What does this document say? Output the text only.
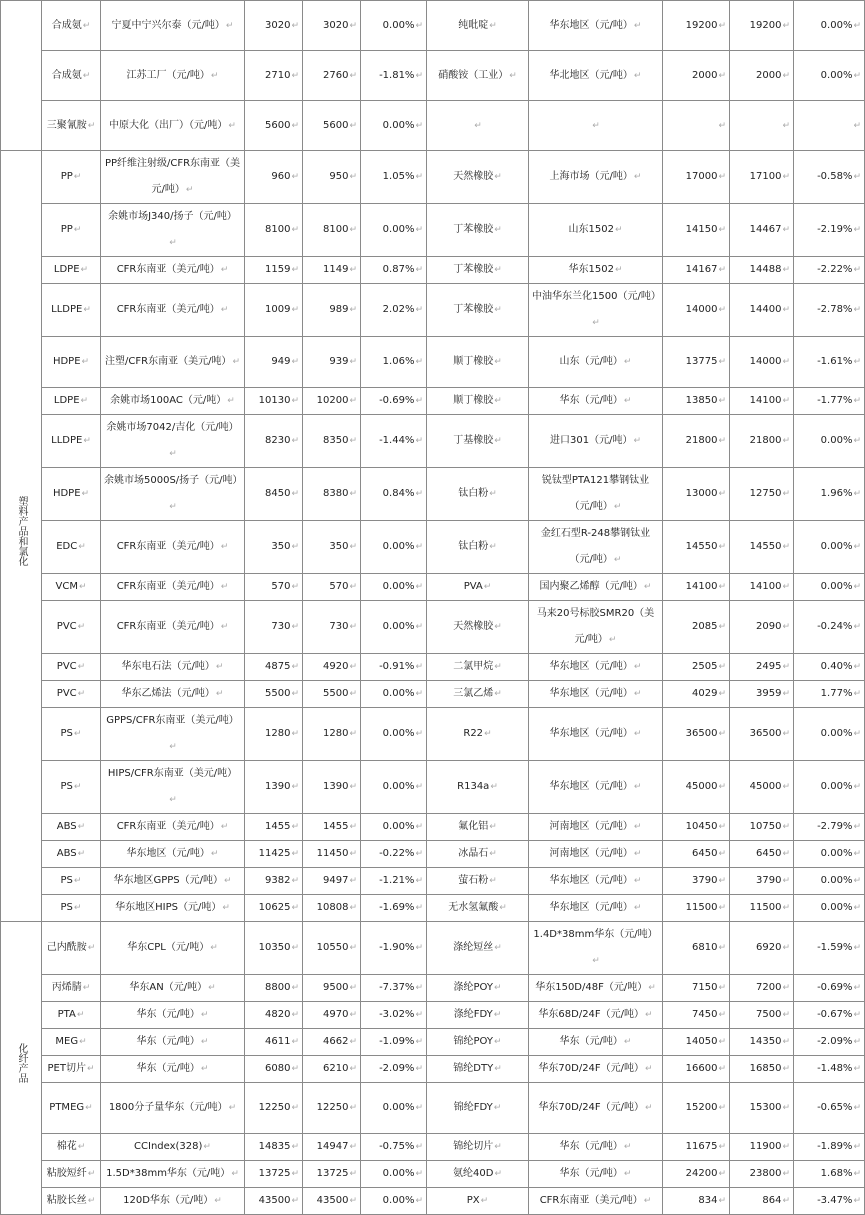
	合成氨↵	宁夏中宁兴尔泰（元/吨）↵	3020↵	3020↵	0.00%↵	纯吡啶↵	华东地区（元/吨）↵	19200↵	19200↵	0.00%↵
	合成氨↵	江苏工厂（元/吨）↵	2710↵	2760↵	-1.81%↵	硝酸铵（工业）↵	华北地区（元/吨）↵	2000↵	2000↵	0.00%↵
	三聚氰胺↵	中原大化（出厂）（元/吨）↵	5600↵	5600↵	0.00%↵	↵	↵	↵	↵	↵
塑料产品和氯化	PP↵	PP纤维注射级/CFR东南亚（美元/吨）↵	960↵	950↵	1.05%↵	天然橡胶↵	上海市场（元/吨）↵	17000↵	17100↵	-0.58%↵
	PP↵	余姚市场J340/扬子（元/吨）↵	8100↵	8100↵	0.00%↵	丁苯橡胶↵	山东1502↵	14150↵	14467↵	-2.19%↵
	LDPE↵	CFR东南亚（美元/吨）↵	1159↵	1149↵	0.87%↵	丁苯橡胶↵	华东1502↵	14167↵	14488↵	-2.22%↵
	LLDPE↵	CFR东南亚（美元/吨）↵	1009↵	989↵	2.02%↵	丁苯橡胶↵	中油华东兰化1500（元/吨）↵	14000↵	14400↵	-2.78%↵
	HDPE↵	注塑/CFR东南亚（美元/吨）↵	949↵	939↵	1.06%↵	顺丁橡胶↵	山东（元/吨）↵	13775↵	14000↵	-1.61%↵
	LDPE↵	余姚市场100AC（元/吨）↵	10130↵	10200↵	-0.69%↵	顺丁橡胶↵	华东（元/吨）↵	13850↵	14100↵	-1.77%↵
	LLDPE↵	余姚市场7042/吉化（元/吨）↵	8230↵	8350↵	-1.44%↵	丁基橡胶↵	进口301（元/吨）↵	21800↵	21800↵	0.00%↵
	HDPE↵	余姚市场5000S/扬子（元/吨）↵	8450↵	8380↵	0.84%↵	钛白粉↵	锐钛型PTA121攀钢钛业（元/吨）↵	13000↵	12750↵	1.96%↵
	EDC↵	CFR东南亚（美元/吨）↵	350↵	350↵	0.00%↵	钛白粉↵	金红石型R-248攀钢钛业（元/吨）↵	14550↵	14550↵	0.00%↵
	VCM↵	CFR东南亚（美元/吨）↵	570↵	570↵	0.00%↵	PVA↵	国内聚乙烯醇（元/吨）↵	14100↵	14100↵	0.00%↵
	PVC↵	CFR东南亚（美元/吨）↵	730↵	730↵	0.00%↵	天然橡胶↵	马来20号标胶SMR20（美元/吨）↵	2085↵	2090↵	-0.24%↵
	PVC↵	华东电石法（元/吨）↵	4875↵	4920↵	-0.91%↵	二氯甲烷↵	华东地区（元/吨）↵	2505↵	2495↵	0.40%↵
	PVC↵	华东乙烯法（元/吨）↵	5500↵	5500↵	0.00%↵	三氯乙烯↵	华东地区（元/吨）↵	4029↵	3959↵	1.77%↵
	PS↵	GPPS/CFR东南亚（美元/吨）↵	1280↵	1280↵	0.00%↵	R22↵	华东地区（元/吨）↵	36500↵	36500↵	0.00%↵
	PS↵	HIPS/CFR东南亚（美元/吨）↵	1390↵	1390↵	0.00%↵	R134a↵	华东地区（元/吨）↵	45000↵	45000↵	0.00%↵
	ABS↵	CFR东南亚（美元/吨）↵	1455↵	1455↵	0.00%↵	氟化铝↵	河南地区（元/吨）↵	10450↵	10750↵	-2.79%↵
	ABS↵	华东地区（元/吨）↵	11425↵	11450↵	-0.22%↵	冰晶石↵	河南地区（元/吨）↵	6450↵	6450↵	0.00%↵
	PS↵	华东地区GPPS（元/吨）↵	9382↵	9497↵	-1.21%↵	萤石粉↵	华东地区（元/吨）↵	3790↵	3790↵	0.00%↵
	PS↵	华东地区HIPS（元/吨）↵	10625↵	10808↵	-1.69%↵	无水氢氟酸↵	华东地区（元/吨）↵	11500↵	11500↵	0.00%↵
化纤产品	己内酰胺↵	华东CPL（元/吨）↵	10350↵	10550↵	-1.90%↵	涤纶短丝↵	1.4D*38mm华东（元/吨）↵	6810↵	6920↵	-1.59%↵
	丙烯腈↵	华东AN（元/吨）↵	8800↵	9500↵	-7.37%↵	涤纶POY↵	华东150D/48F（元/吨）↵	7150↵	7200↵	-0.69%↵
	PTA↵	华东（元/吨）↵	4820↵	4970↵	-3.02%↵	涤纶FDY↵	华东68D/24F（元/吨）↵	7450↵	7500↵	-0.67%↵
	MEG↵	华东（元/吨）↵	4611↵	4662↵	-1.09%↵	锦纶POY↵	华东（元/吨）↵	14050↵	14350↵	-2.09%↵
	PET切片↵	华东（元/吨）↵	6080↵	6210↵	-2.09%↵	锦纶DTY↵	华东70D/24F（元/吨）↵	16600↵	16850↵	-1.48%↵
	PTMEG↵	1800分子量华东（元/吨）↵	12250↵	12250↵	0.00%↵	锦纶FDY↵	华东70D/24F（元/吨）↵	15200↵	15300↵	-0.65%↵
	棉花↵	CCIndex(328)↵	14835↵	14947↵	-0.75%↵	锦纶切片↵	华东（元/吨）↵	11675↵	11900↵	-1.89%↵
	粘胶短纤↵	1.5D*38mm华东（元/吨）↵	13725↵	13725↵	0.00%↵	氨纶40D↵	华东（元/吨）↵	24200↵	23800↵	1.68%↵
	粘胶长丝↵	120D华东（元/吨）↵	43500↵	43500↵	0.00%↵	PX↵	CFR东南亚（美元/吨）↵	834↵	864↵	-3.47%↵
